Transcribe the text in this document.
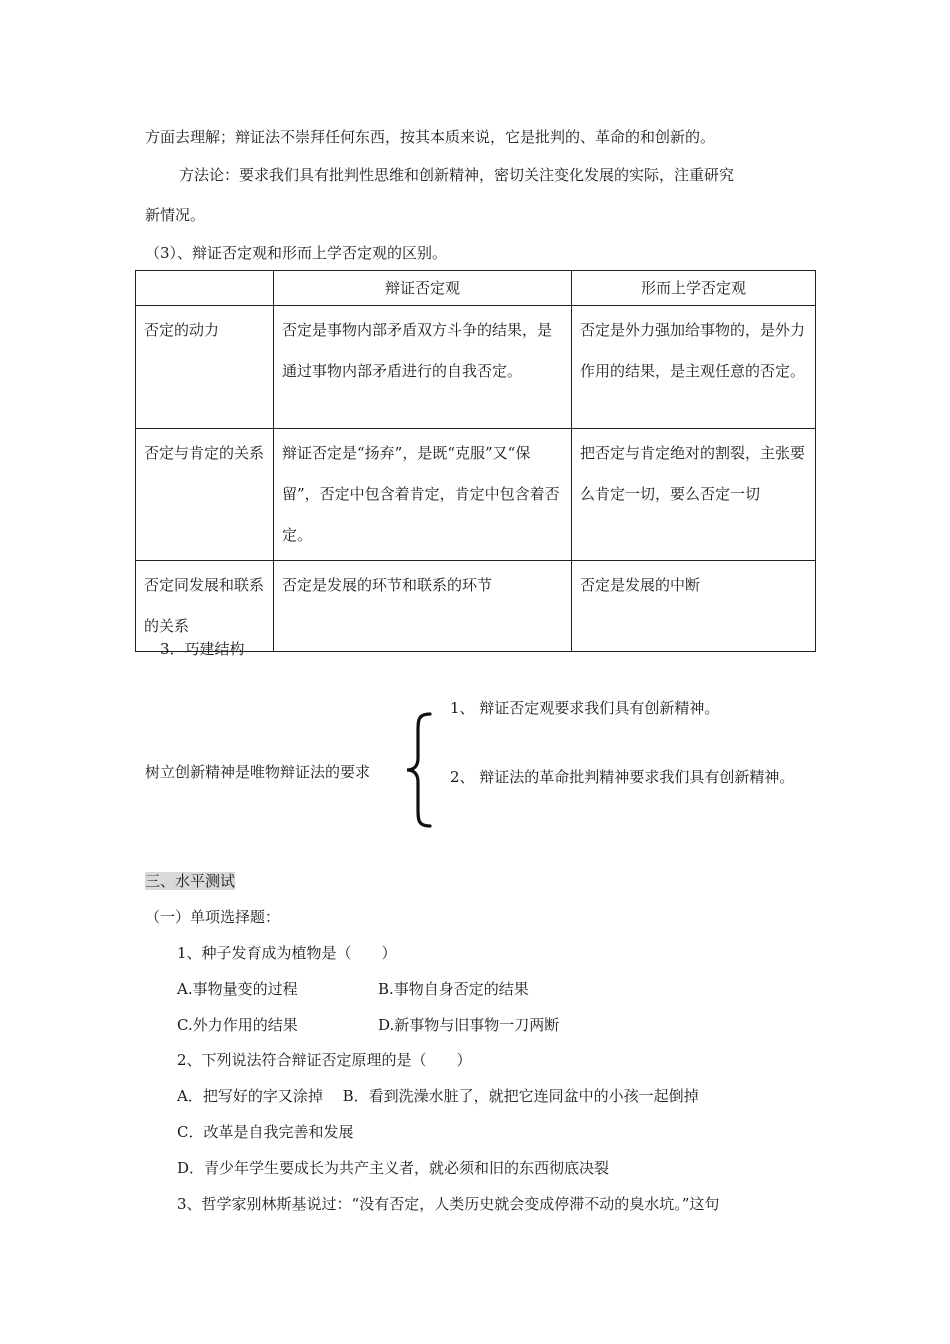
方面去理解；辩证法不崇拜任何东西，按其本质来说，它是批判的、革命的和创新的。
方法论：要求我们具有批判性思维和创新精神，密切关注变化发展的实际，注重研究
新情况。
（3）、辩证否定观和形而上学否定观的区别。
	辩证否定观	形而上学否定观
否定的动力	否定是事物内部矛盾双方斗争的结果，是通过事物内部矛盾进行的自我否定。	否定是外力强加给事物的，是外力作用的结果，是主观任意的否定。
否定与肯定的关系	辩证否定是“扬弃”，是既“克服”又“保留”，否定中包含着肯定，肯定中包含着否定。	把否定与肯定绝对的割裂，主张要么肯定一切，要么否定一切
否定同发展和联系的关系	否定是发展的环节和联系的环节	否定是发展的中断
3．巧建结构
树立创新精神是唯物辩证法的要求
1、 辩证否定观要求我们具有创新精神。
2、 辩证法的革命批判精神要求我们具有创新精神。
三、水平测试
（一）单项选择题：
1、种子发育成为植物是（　　）
A.事物量变的过程	B.事物自身否定的结果
C.外力作用的结果	D.新事物与旧事物一刀两断
2、下列说法符合辩证否定原理的是（　　）
A．把写好的字又涂掉　 B．看到洗澡水脏了，就把它连同盆中的小孩一起倒掉
C．改革是自我完善和发展
D．青少年学生要成长为共产主义者，就必须和旧的东西彻底决裂
3、哲学家别林斯基说过：“没有否定，人类历史就会变成停滞不动的臭水坑。”这句
